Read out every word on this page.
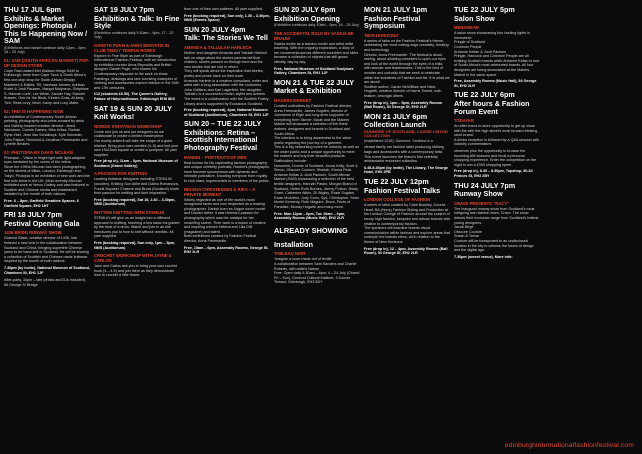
THU 17 JUL 6pm
Exhibits & Market Openings: Photopia / This Is Happening Now / SAM
(Exhibitions and market continue daily 12pm – 6pm, 18 – 25 July)
01: SAM (SOUTH AFRICAN MARKET) POP-UP DESIGN STORE
Cape Town-based Mel Wallace brings SAM to Edinburgh, fresh from Cape Town & South Africa's first one-stop shop for South African Design. Mastered & Edited, Tilt, Vanessa Jensen, Adriaan Kotzé & Jordi Paulsen, Margot Molyneux, Simphiwe S, Hannah Lurie, Lex White, Xander Hay, Samuel Bussen, One for the Birds, Kirsten Goss, ALiving, Tich, Reza Levy, Wool, Kamp and Lucy Mabe.
02: THIS IS HAPPENING NOW
An exhibition of Contemporary South African painting, photography and prints curated by artist and Gallery-headed creative director: Jared Nicholson, Connie Dalnes, Niko Kritsa, Roelan Ryne-Hart, Jean Van Schalkwyk, Kyle Schrader, John Pakker, Reinhold & Jonathan Freemantle and Lynette Beukes.
03: PHOTOPIA BY DAVID MCLEAN
Photopia – 'Vision in bright light with light-adapted eyes mediated by the cones of the retina'.
Since the 1990s McLean has been photographing on the streets of Milan, London, Edinburgh and Tokyo. Photopia is an exhibition of new work and the first solo show in the UK. Most recently McLean exhibited work at Venus Gallery and was featured in Scottish and Chinese media and established installed by the month of both nations.
Free. 6 – 8pm, Garfield Greattine Spaces, 6 Garfield Square, EH2 1HT
FRI 18 JULY 7pm
Festival Opening Gala
1436 BRIDG RUNWAY SHOW
Graeme Black, creative director of 1436, has finished a new look in the collaboration between Scotland and China, bringing superfine Chinese yarns to be hand-knit in Scotland. He will be sharing a collection of Scottish and Chinese made knitwear inspired by the month of both nations.
7.30pm (by invite), National Museum of Scotland, Chambers St, EH1 1JF
After-party, 10pm – late (drinks and DJs included), 56 George IV Bridge
SAT 19 JULY 7pm
Exhibition & Talk: In Fine Style
(Exhibition continues daily 9.30am – 6pm, 17 – 20 July)
GARETH PUGH & ANNA BERVATIS IN CLUB TEDDY TEMPLE HOMES
Explore In Fine Style as part of Edinburgh International Fashion Festival, with an introduction by exhibition curator Anna Reynolds and British designer Gareth Pugh, who shares his Contemporary response to the work on show. Paintings, drawings and rare surviving examples of clothing and accessories explore fashion in the 16th and 17th centuries.
£12 (students £6.50). The Queen's Gallery, Palace of Holyroodhouse, Edinburgh EH8 8DX
SAT 19 & SUN 20 JULY
Knit Works!
NORDIK KNITATHON WORKSHOP
Come and join us and our designers as we collaborate to create a limited masterpiece.
Our woolly artwork will take the shape of a giant blanket. Bring your own needles (4–5) and knit your own 15x15cm square or create a pompom. All yarn supplied.
Free (drop in), 11am – 6pm, National Museum of Scotland (Grand Gallery)
A PASSION FOR KNITTING
Leading knitwear designers including STEMLIN (woollen), Knitting Sue Airlie and Galina Romanova, Pundit Buyuker Chasers and Brora (Scotland) share their passion for knitting and their inspiration.
Free (booking required), Sat 19, 2.30 – 3.30pm, NMS (Auditorium)
RHYTHM KNITTING WITH STEMLIN
STEMLIN will give us an insight into a different approach to knitting, teaching a few basic ins guided by the beat of a drum. Watch and join in as she introduces you to how to knit without needles. All yarn supplied.
Free (booking required), Sun only, 1pm – 5pm, NMS (Auditorium)
CROCHET WORKSHOP WITH JAYNE & CARLOS
Jane and Carlos ask you to bring your own crochet hook (4 – 4.5) and join them as they demonstrate how to crochet a little flower.
from one of their own patterns. All yarn supplied.
Free (booking required), Sun only, 1.30 – 3.30pm, NMS (Events Space)
SUN 20 JULY 4pm
Talk: The Stories We Tell
AMANDA & TALLULAH HARLECH
Mother and daughter Amanda and Tallulah Harlech talk on stage about the stories parents tell their children, stories passed on through time and the new stories that are told in return.
They will speak about the inspiration that stories, poetry and prose have on their work.
Amanda Harlech is a creative consultant, writer and artist with a long association with the couturiers, John Galliano and Karl Lagerfeld. Her daughter, Tallulah, is a successful model, stylist and actress.
The event is a collaboration with the Scottish Poetry Library and is supported by Ecoscious Scotland.
Free (booking required), 4pm, National Museum of Scotland (Auditorium), Chambers St, EH1 1JF
SUN 20 – TUE 22 JULY
Exhibitions: Retina – Scottish International Photography Festival
RANKIN – PORTRAITS OF MEN
Best known for his captivating fashion photography and unique celebrity portraits, Rankin's photographs have become synonymous with dynamic and intimate portraiture, shooting everyone from royalty to rock stars, supermodels to members of the public.
HELENA CHRISTENSEN & RIKA – A PRIVATE MOMENT
Widely regarded as one of the world's most recognised faces and now respected as a leading photographer, Danish born ex-Vogue cover model and Danish father, it was Helena's passion for photography which was the catalyst for her modelling career. Their work is a fusion of creative and inspiring women Helena and Lilia Dilli (magazine) and talent.
Both exhibitions curated by Fashion Festival director, Anna Freemantle.
Free, 10am – 6pm, Assembly Rooms, George St, EH2 2LR
SUN 20 JULY 6pm
Exhibition Opening
(Exhibition continues daily 10am – 5pm, 18 – 25 July)
THE ACCIDENTAL ROLE BY SASKIA DE BRAUW
Saskia works as a fashion model and artist while traveling. With the ongoing exploration, a diary of her movements across different countries and cities became a collection of objects that still grows identity, day by day.
Free, National Museum of Scotland Sculpture Gallery, Chambers St, EH1 1JF
MON 21 & TUE 22 JULY
Market & Exhibition
MAKERS MARKET
Curated collectives by Fashion Festival director, Anna Freemantle, James Sugden, director of Johnstons of Elgin and long-term supporter of everything from Tanner, Made and the Makers Market will showcase a selection of the finest makers, designers and brands in Scotland and South Africa.
The intention is to bring awareness to the value public regarding the journey of a garment.
This is a big networking event for industry as well as the wider public and a unique opportunity to meet the makers and buy their beautiful products.
Stallholders include:
Narooshe, Donnie of Scotland, Jozua Kelly, Scott & Simon, Obscure Couture, Shariah, Emma Peat, Arrianne Kellan & Jordi Paulsen, South African Market (SAM) showcasing a selection of the best textile designers, Hannah Pastor, Morgan Brand of Scotland, Helen Ruth Burnes, Jimmy Foxton, Hilary Grant, Catherine Aitkin, Zil Wigley, Rosie Sugden, Ewan McArthur, Judy Gunn, Syd, Christopher, Sean Muriel Kennedy, Ruth Maguire, Brora, Prints of Paradise, Murray Hogarth and many more.
Free. Mon 12pm – 6pm, Tue 10am – 6pm, Assembly Rooms (Music Hall), EH2 2LR
ALREADY SHOWING
Installation
TABLEAU NOIR
'Imagine a room made out of textile'
A collaboration between Sam Sanders and Charlie Roberts, with artist's Nature
Free. Open daily 9.30am – 6pm, 4 – 24 July (Closed Fri – Sun), Dovecot Cultural Institute, 3 Dounie Terrace, Edinburgh, EH3 6DY
MON 21 JULY 1pm
Fashion Festival Symposium
'NEW HORIZONS'
A series of talks on the Fashion Festival's theme, celebrating the most cutting-edge creativity, thinking and technology.
Director, Anna Freemantle: 'The festival is about seeing, about allowing ourselves to open our eyes and look at the world through the eyes of a child, with wonder and fearlessness. This is the kind of wonder and curiosity that we seek to celebrate within the industries of Fashion and Art. It is what we are about'.
Scottish author, Carole McWilliam and Mark Hogarth, creative director of Harris Tweed, both feature, amongst others.
Free (drop in), 1pm – 5pm, Assembly Rooms (Ball Room), 54 George St, EH2 2LR
MON 21 JULY 6pm
Collection Launch
DUNMORE OF SCOTLAND, LOUISE LINTON COLLECTION
(established 2018), Dunmore, Scotland is a
vibrant family run fashion label producing striking bags and accessories with a contemporary twist. This event launches the brand's first celebrity ambassador endorsed collection.
6.45-8.45pm (by invite), The Library, The George Hotel, EH2 2PB
TUE 22 JULY 12pm
Fashion Festival Talks
LONDON COLLEGE OF FASHION
A series of talks curated by Clare Buckley, Course Head, BA (Hons) Fashion Styling and Production at the London College of Fashion around the subject of luxury high fashion, bespoke and artisan brands with relation to contemporary fashion.
The speakers will examine brands visual communication within fashion and explore areas that underpin the brands ethos, all in relation to the theme of New Horizons.
Free (drop in), 12 – 4pm, Assembly Rooms (Ball Room), 54 George St, EH2 2LR
TUE 22 JULY 5pm
Salon Show
MENSWEAR
A salon show showcasing four leading lights in menswear:
Pringle of Scotland
Common People
Arrianne Kellan & Jordi Paulsen
Pringle, Hancock and Common People are all existing Scottish brands while Arrianne Kellan is one of South Africa's most celebrated brands. All four designers are being showcased at the Makers Market in the same space.
Free, Assembly Rooms (Music Hall), 54 George St, EH2 2LR
TUE 22 JULY 6pm
After hours & Fashion Forum Event
TODAYAR
An after-hours in-store opportunity to get up close with the with the high street's most forward thinking store-brand.
A drinks reception is followed by a Q&A session with industry commentators
observes plus the opportunity to browse the incoming AW seasons and book a personal shopping experience. Enter the competition on the night to win a £300 shopping spree.
Free (drop in), 6.30 – 8.30pm, Topshop, 30-34 Princes St, EH2 2BY
THU 24 JULY 7pm
Runway Show
CRAVE PRESENTS "RACY"
The inaugural runway show from Scotland's most intriguing twin fashion team, Crave. The show debuts their exclusive range from Scotland's hottest young designers.
Jacob Birge
Obscure Couture
Susan & Tamar
Couture will be transported to an undisclosed location in the city to witness the fusion of design and the digital age.
7.30pm (secret venue). More info:
edinburghinternationalfashionfestival.com
